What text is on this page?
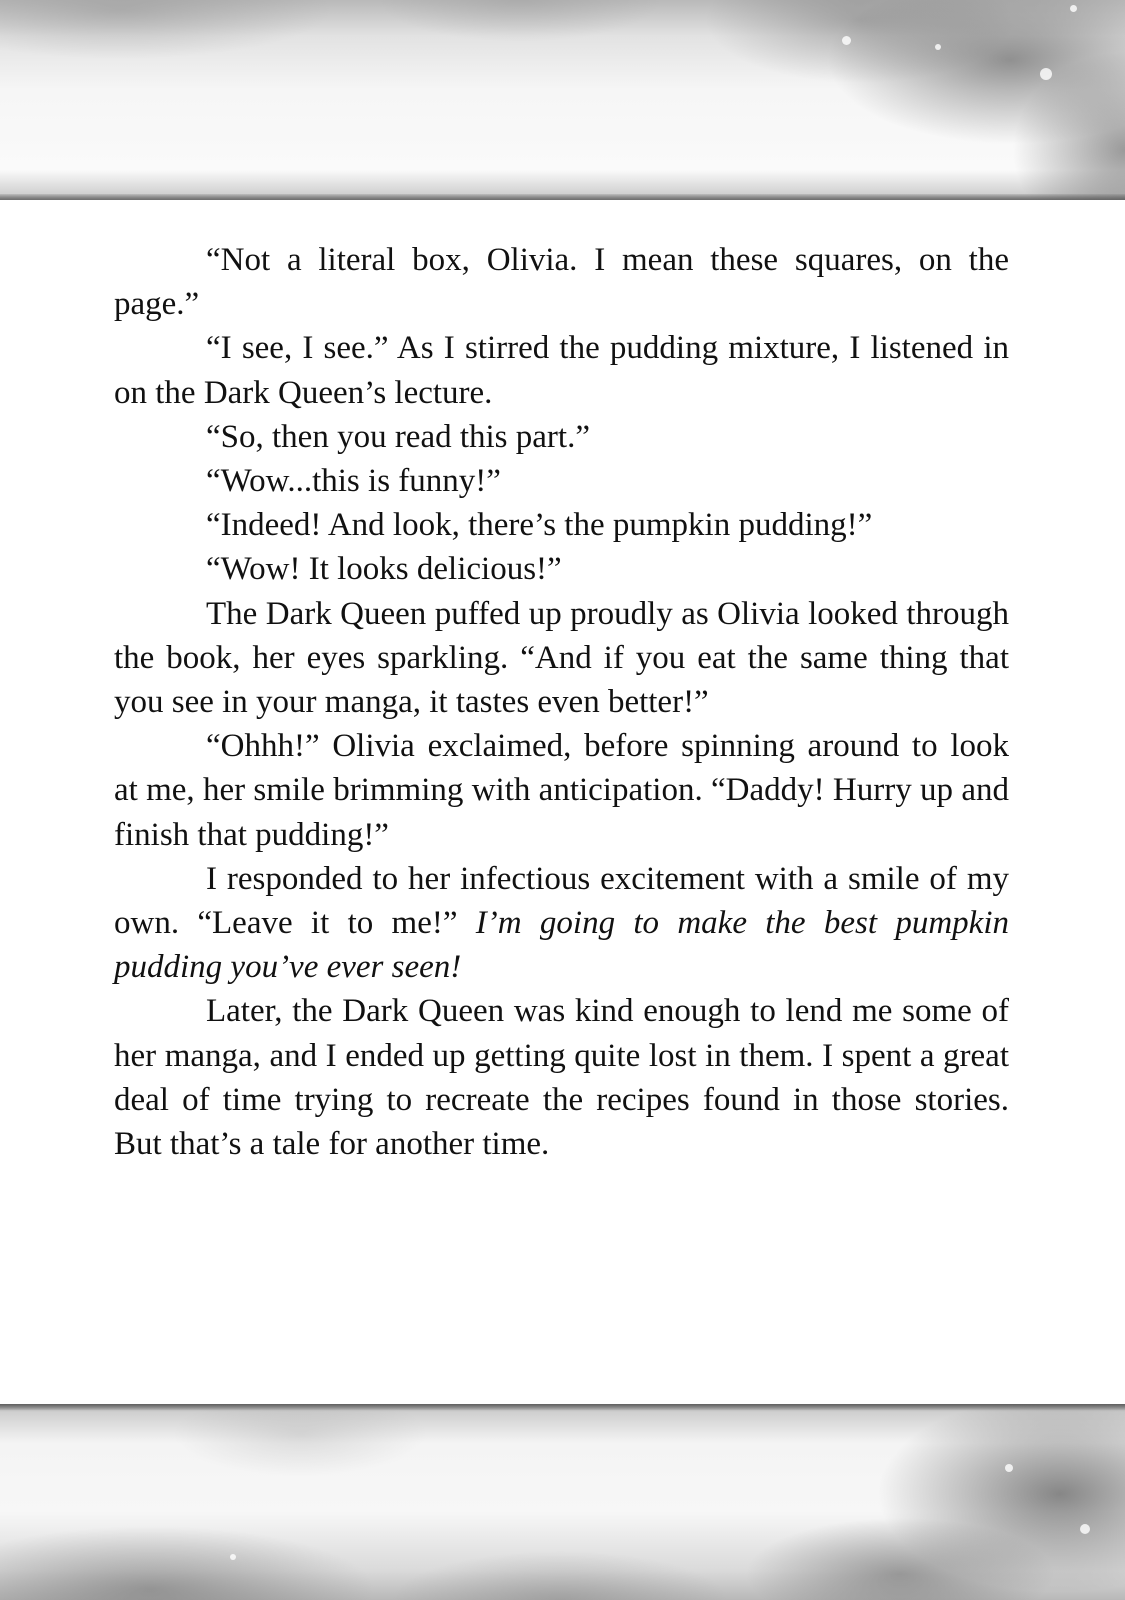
“Not a literal box, Olivia. I mean these squares, on the page.”

“I see, I see.” As I stirred the pudding mixture, I listened in on the Dark Queen’s lecture.

“So, then you read this part.”

“Wow...this is funny!”

“Indeed! And look, there’s the pumpkin pudding!”

“Wow! It looks delicious!”

The Dark Queen puffed up proudly as Olivia looked through the book, her eyes sparkling. “And if you eat the same thing that you see in your manga, it tastes even better!”

“Ohhh!” Olivia exclaimed, before spinning around to look at me, her smile brimming with anticipation. “Daddy! Hurry up and finish that pudding!”

I responded to her infectious excitement with a smile of my own. “Leave it to me!” I’m going to make the best pumpkin pudding you’ve ever seen!

Later, the Dark Queen was kind enough to lend me some of her manga, and I ended up getting quite lost in them. I spent a great deal of time trying to recreate the recipes found in those stories. But that’s a tale for another time.
